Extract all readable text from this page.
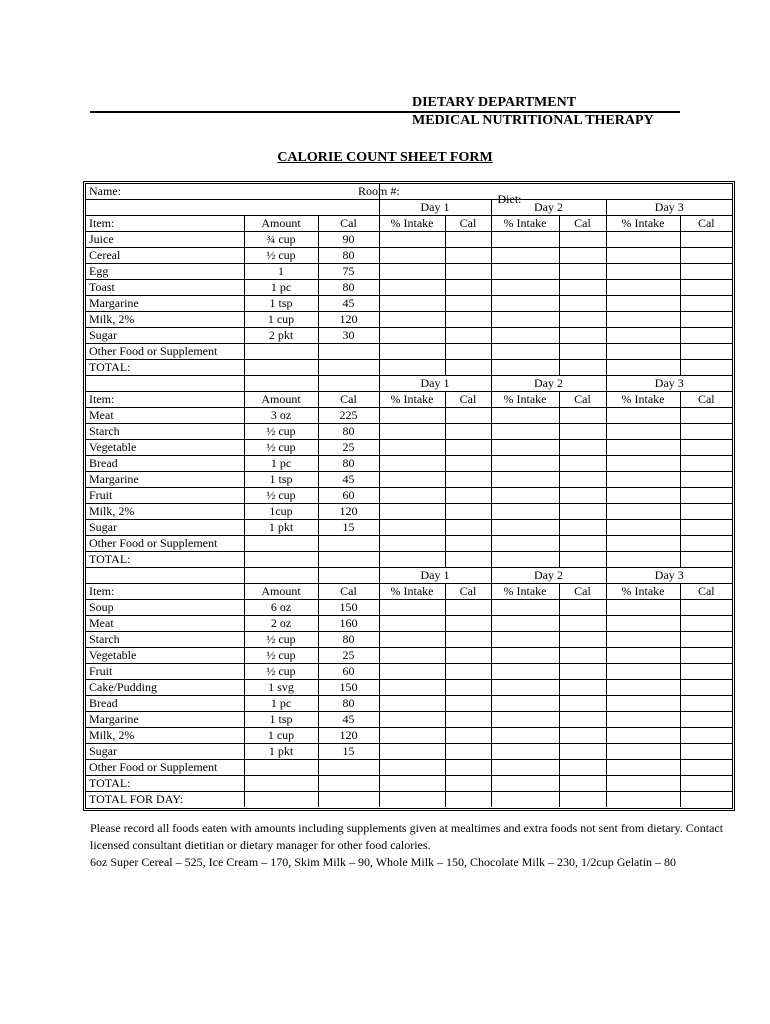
DIETARY DEPARTMENT
MEDICAL NUTRITIONAL THERAPY
CALORIE COUNT SHEET FORM
Name: Room #:			Diet:					

			Day 1		Day 2		Day 3	
Item:	Amount	Cal	% Intake	Cal	% Intake	Cal	% Intake	Cal
Juice	¾ cup	90						
Cereal	½ cup	80						
Egg	1	75						
Toast	1 pc	80						
Margarine	1 tsp	45						
Milk, 2%	1 cup	120						
Sugar	2 pkt	30						
Other Food or Supplement								
TOTAL:								
			Day 1		Day 2		Day 3	
Item:	Amount	Cal	% Intake	Cal	% Intake	Cal	% Intake	Cal
Meat	3 oz	225						
Starch	½ cup	80						
Vegetable	½ cup	25						
Bread	1 pc	80						
Margarine	1 tsp	45						
Fruit	½ cup	60						
Milk, 2%	1cup	120						
Sugar	1 pkt	15						
Other Food or Supplement								
TOTAL:								
			Day 1		Day 2		Day 3	
Item:	Amount	Cal	% Intake	Cal	% Intake	Cal	% Intake	Cal
Soup	6 oz	150						
Meat	2 oz	160						
Starch	½ cup	80						
Vegetable	½ cup	25						
Fruit	½ cup	60						
Cake/Pudding	1 svg	150						
Bread	1 pc	80						
Margarine	1 tsp	45						
Milk, 2%	1 cup	120						
Sugar	1 pkt	15						
Other Food or Supplement								
TOTAL:								
TOTAL FOR DAY:								
Please record all foods eaten with amounts including supplements given at mealtimes and extra foods not sent from dietary. Contact licensed consultant dietitian or dietary manager for other food calories.
6oz Super Cereal – 525, Ice Cream – 170, Skim Milk – 90, Whole Milk – 150, Chocolate Milk – 230, 1/2cup Gelatin – 80
